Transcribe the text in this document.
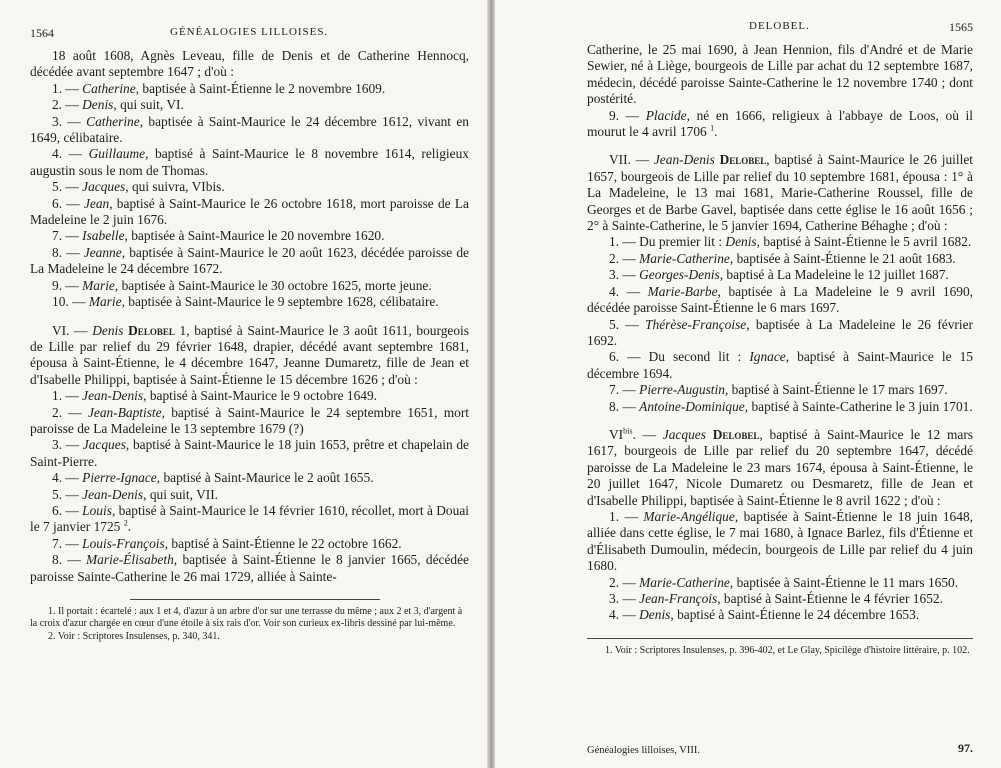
1564	GÉNÉALOGIES LILLOISES.

18 août 1608, Agnès Leveau, fille de Denis et de Catherine Hennocq, décédée avant septembre 1647 ; d'où :

1. — Catherine, baptisée à Saint-Étienne le 2 novembre 1609.

2. — Denis, qui suit, VI.

3. — Catherine, baptisée à Saint-Maurice le 24 décembre 1612, vivant en 1649, célibataire.

4. — Guillaume, baptisé à Saint-Maurice le 8 novembre 1614, religieux augustin sous le nom de Thomas.

5. — Jacques, qui suivra, VIbis.

6. — Jean, baptisé à Saint-Maurice le 26 octobre 1618, mort paroisse de La Madeleine le 2 juin 1676.

7. — Isabelle, baptisée à Saint-Maurice le 20 novembre 1620.

8. — Jeanne, baptisée à Saint-Maurice le 20 août 1623, décédée paroisse de La Madeleine le 24 décembre 1672.

9. — Marie, baptisée à Saint-Maurice le 30 octobre 1625, morte jeune.

10. — Marie, baptisée à Saint-Maurice le 9 septembre 1628, célibataire.

VI. — Denis Delobel 1, baptisé à Saint-Maurice le 3 août 1611, bourgeois de Lille par relief du 29 février 1648, drapier, décédé avant septembre 1681, épousa à Saint-Étienne, le 4 décembre 1647, Jeanne Dumaretz, fille de Jean et d'Isabelle Philippi, baptisée à Saint-Étienne le 15 décembre 1626 ; d'où :

1. — Jean-Denis, baptisé à Saint-Maurice le 9 octobre 1649.

2. — Jean-Baptiste, baptisé à Saint-Maurice le 24 septembre 1651, mort paroisse de La Madeleine le 13 septembre 1679 (?)

3. — Jacques, baptisé à Saint-Maurice le 18 juin 1653, prêtre et chapelain de Saint-Pierre.

4. — Pierre-Ignace, baptisé à Saint-Maurice le 2 août 1655.

5. — Jean-Denis, qui suit, VII.

6. — Louis, baptisé à Saint-Maurice le 14 février 1610, récollet, mort à Douai le 7 janvier 1725 $^2$.

7. — Louis-François, baptisé à Saint-Étienne le 22 octobre 1662.

8. — Marie-Élisabeth, baptisée à Saint-Étienne le 8 janvier 1665, décédée paroisse Sainte-Catherine le 26 mai 1729, alliée à Sainte-

1. Il portait : écartelé : aux 1 et 4, d'azur à un arbre d'or sur une terrasse du même ; aux 2 et 3, d'argent à la croix d'azur chargée en cœur d'une étoile à six rais d'or. Voir son curieux ex-libris dessiné par lui-même.

2. Voir : Scriptores Insulenses, p. 340, 341.

DELOBEL.	1565

Catherine, le 25 mai 1690, à Jean Hennion, fils d'André et de Marie Sewier, né à Liège, bourgeois de Lille par achat du 12 septembre 1687, médecin, décédé paroisse Sainte-Catherine le 12 novembre 1740 ; dont postérité.

9. — Placide, né en 1666, religieux à l'abbaye de Loos, où il mourut le 4 avril 1706 $^1$.

VII. — Jean-Denis Delobel, baptisé à Saint-Maurice le 26 juillet 1657, bourgeois de Lille par relief du 10 septembre 1681, épousa : 1° à La Madeleine, le 13 mai 1681, Marie-Catherine Roussel, fille de Georges et de Barbe Gavel, baptisée dans cette église le 16 août 1656 ; 2° à Sainte-Catherine, le 5 janvier 1694, Catherine Béhaghe ; d'où :

1. — Du premier lit : Denis, baptisé à Saint-Étienne le 5 avril 1682.

2. — Marie-Catherine, baptisée à Saint-Étienne le 21 août 1683.

3. — Georges-Denis, baptisé à La Madeleine le 12 juillet 1687.

4. — Marie-Barbe, baptisée à La Madeleine le 9 avril 1690, décédée paroisse Saint-Étienne le 6 mars 1697.

5. — Thérèse-Françoise, baptisée à La Madeleine le 26 février 1692.

6. — Du second lit : Ignace, baptisé à Saint-Maurice le 15 décembre 1694.

7. — Pierre-Augustin, baptisé à Saint-Étienne le 17 mars 1697.

8. — Antoine-Dominique, baptisé à Sainte-Catherine le 3 juin 1701.

$VI^{bis}$. — Jacques Delobel, baptisé à Saint-Maurice le 12 mars 1617, bourgeois de Lille par relief du 20 septembre 1647, décédé paroisse de La Madeleine le 23 mars 1674, épousa à Saint-Étienne, le 20 juillet 1647, Nicole Dumaretz ou Desmaretz, fille de Jean et d'Isabelle Philippi, baptisée à Saint-Étienne le 8 avril 1622 ; d'où :

1. — Marie-Angélique, baptisée à Saint-Étienne le 18 juin 1648, alliée dans cette église, le 7 mai 1680, à Ignace Barlez, fils d'Étienne et d'Élisabeth Dumoulin, médecin, bourgeois de Lille par relief du 4 juin 1680.

2. — Marie-Catherine, baptisée à Saint-Étienne le 11 mars 1650.

3. — Jean-François, baptisé à Saint-Étienne le 4 février 1652.

4. — Denis, baptisé à Saint-Étienne le 24 décembre 1653.

1. Voir : Scriptores Insulenses, p. 396-402, et Le Glay, Spicilège d'histoire littéraire, p. 102.

Généalogies lilloises, VIII.	97.
